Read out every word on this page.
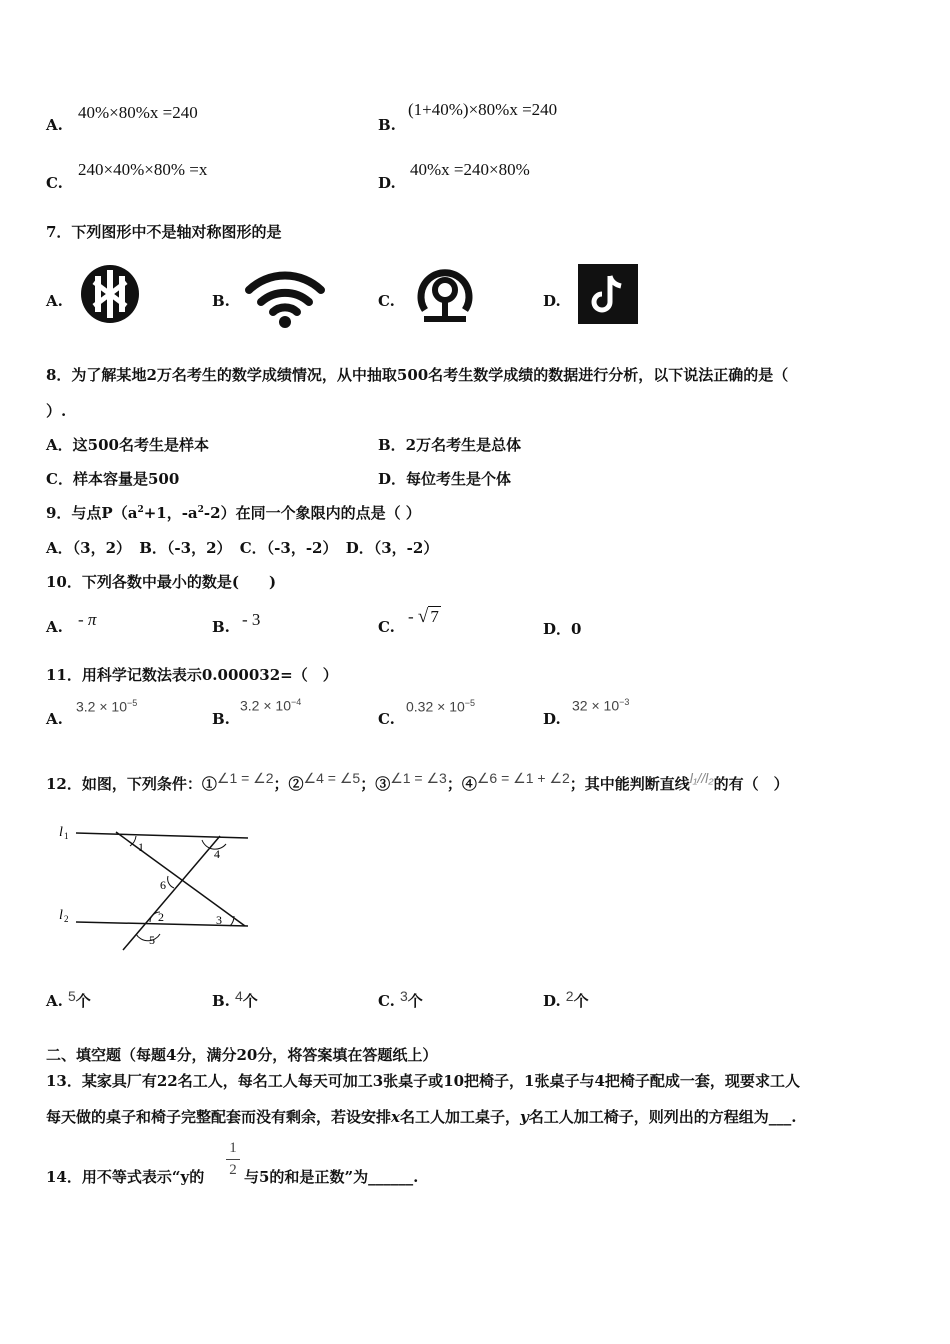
A.
40%×80%x =240
B.
(1+40%)×80%x =240
C.
240×40%×80% =x
D.
40%x =240×80%
7．下列图形中不是轴对称图形的是
A.	B.	C.	D.
8．为了解某地2万名考生的数学成绩情况，从中抽取500名考生数学成绩的数据进行分析，以下说法正确的是（
）.
A．这500名考生是样本	B．2万名考生是总体
C．样本容量是500	D．每位考生是个体
9．与点$P(a^2+1$，$-a^2-2$）在同一个象限内的点是（ ）
A．（3，2） B．（-3，2） C．（-3，-2） D．（3，-2）
10．下列各数中最小的数是(　　)
A. - π	B. - 3	C.
- √ 7
D．0
11．用科学记数法表示0.000032=（　）
A.
$3.2 \times 10^{-5}$
B.
$3.2 \times 10^{-4}$
C.
$0.32 \times 10^{-5}$
D.
$32 \times 10^{-3}$
12．如图，下列条件：①∠1 = ∠2；②∠4 = ∠5；③∠1 = ∠3；④∠6 = ∠1 + ∠2；其中能判断直线l₁//l₂的有（　）
l 1
l 2
1	4
6
2	3
5
A. 5个	B. 4个	C. 3个	D. 2个
二、填空题（每题4分，满分20分，将答案填在答题纸上）
13．某家具厂有22名工人，每名工人每天可加工3张桌子或10把椅子，1张桌子与4把椅子配成一套，现要求工人
每天做的桌子和椅子完整配套而没有剩余，若设安排x名工人加工桌子，y名工人加工椅子，则列出的方程组为___.
14．用不等式表示“y的 $\frac{1}{2}$ 与5的和是正数”为______.
